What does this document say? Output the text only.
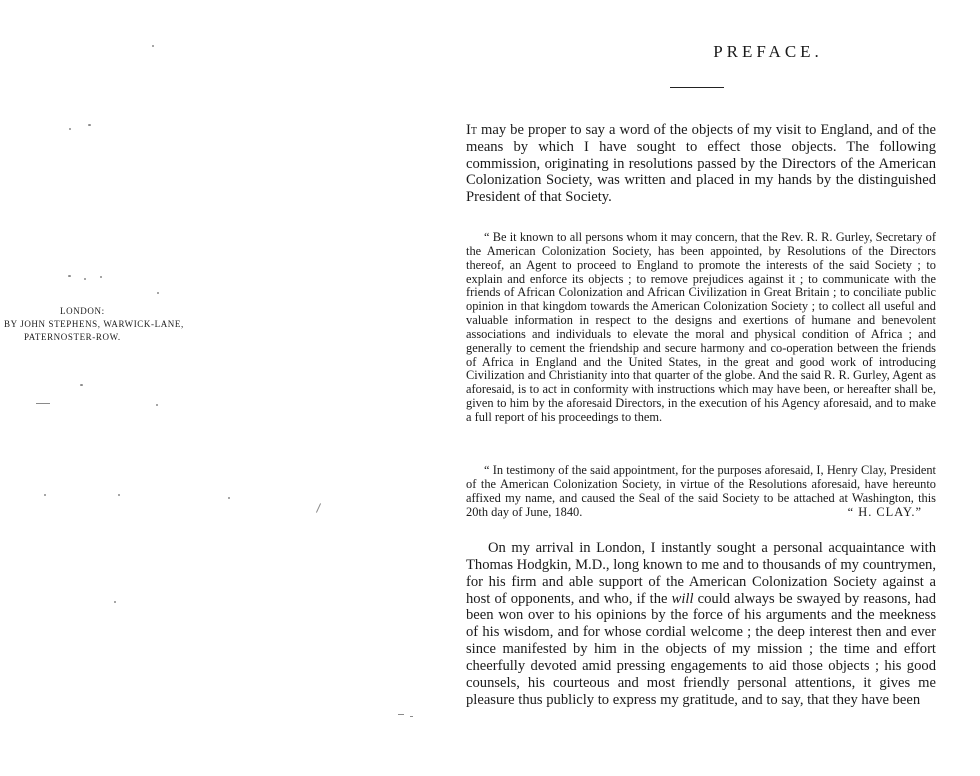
LONDON:
BY JOHN STEPHENS, WARWICK-LANE,
PATERNOSTER-ROW.
PREFACE.

It may be proper to say a word of the objects of my visit to England, and of the means by which I have sought to effect those objects. The following commission, originating in resolutions passed by the Directors of the American Colonization Society, was written and placed in my hands by the distinguished President of that Society.

“ Be it known to all persons whom it may concern, that the Rev. R. R. Gurley, Secretary of the American Colonization Society, has been appointed, by Resolutions of the Directors thereof, an Agent to proceed to England to promote the interests of the said Society ; to explain and enforce its objects ; to remove prejudices against it ; to communicate with the friends of African Colonization and African Civilization in Great Britain ; to conciliate public opinion in that kingdom towards the American Colonization Society ; to collect all useful and valuable information in respect to the designs and exertions of humane and benevolent associations and individuals to elevate the moral and physical condition of Africa ; and generally to cement the friendship and secure harmony and co-operation between the friends of Africa in England and the United States, in the great and good work of introducing Civilization and Christianity into that quarter of the globe. And the said R. R. Gurley, Agent as aforesaid, is to act in conformity with instructions which may have been, or hereafter shall be, given to him by the aforesaid Directors, in the execution of his Agency aforesaid, and to make a full report of his proceedings to them.

“ In testimony of the said appointment, for the purposes aforesaid, I, Henry Clay, President of the American Colonization Society, in virtue of the Resolutions aforesaid, have hereunto affixed my name, and caused the Seal of the said Society to be attached at Washington, this 20th day of June, 1840.	“ H. CLAY.”

On my arrival in London, I instantly sought a personal acquaintance with Thomas Hodgkin, M.D., long known to me and to thousands of my countrymen, for his firm and able support of the American Colonization Society against a host of opponents, and who, if the will could always be swayed by reasons, had been won over to his opinions by the force of his arguments and the meekness of his wisdom, and for whose cordial welcome ; the deep interest then and ever since manifested by him in the objects of my mission ; the time and effort cheerfully devoted amid pressing engagements to aid those objects ; his good counsels, his courteous and most friendly personal attentions, it gives me pleasure thus publicly to express my gratitude, and to say, that they have been
